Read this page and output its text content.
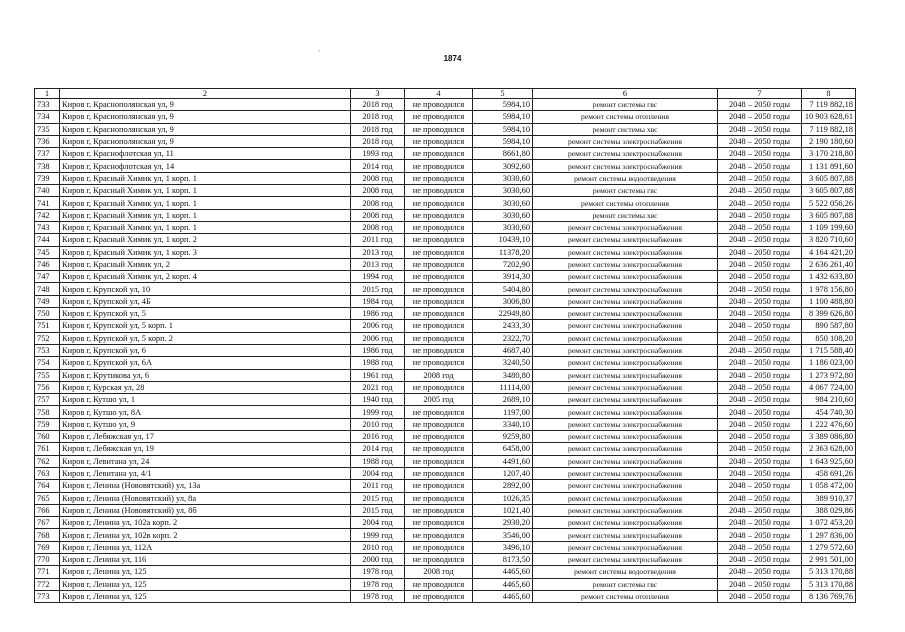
¸
1874
1	2	3	4	5	6	7	8
733	Киров г, Краснополянская ул, 9	2018 год	не проводился	5984,10	ремонт системы гвс	2048 – 2050 годы	7 119 882,18
734	Киров г, Краснополянская ул, 9	2018 год	не проводился	5984,10	ремонт системы отопления	2048 – 2050 годы	10 903 628,61
735	Киров г, Краснополянская ул, 9	2018 год	не проводился	5984,10	ремонт системы хвс	2048 – 2050 годы	7 119 882,18
736	Киров г, Краснополянская ул, 9	2018 год	не проводился	5984,10	ремонт системы электроснабжения	2048 – 2050 годы	2 190 180,60
737	Киров г, Краснофлотская ул, 11	1993 год	не проводился	8661,80	ремонт системы электроснабжения	2048 – 2050 годы	3 170 218,80
738	Киров г, Краснофлотская ул, 14	2014 год	не проводился	3092,60	ремонт системы электроснабжения	2048 – 2050 годы	1 131 891,60
739	Киров г, Красный Химик ул, 1 корп. 1	2008 год	не проводился	3030,60	ремонт системы водоотведения	2048 – 2050 годы	3 605 807,88
740	Киров г, Красный Химик ул, 1 корп. 1	2008 год	не проводился	3030,60	ремонт системы гвс	2048 – 2050 годы	3 605 807,88
741	Киров г, Красный Химик ул, 1 корп. 1	2008 год	не проводился	3030,60	ремонт системы отопления	2048 – 2050 годы	5 522 056,26
742	Киров г, Красный Химик ул, 1 корп. 1	2008 год	не проводился	3030,60	ремонт системы хвс	2048 – 2050 годы	3 605 807,88
743	Киров г, Красный Химик ул, 1 корп. 1	2008 год	не проводился	3030,60	ремонт системы электроснабжения	2048 – 2050 годы	1 109 199,60
744	Киров г, Красный Химик ул, 1 корп. 2	2011 год	не проводился	10439,10	ремонт системы электроснабжения	2048 – 2050 годы	3 820 710,60
745	Киров г, Красный Химик ул, 1 корп. 3	2013 год	не проводился	11378,20	ремонт системы электроснабжения	2048 – 2050 годы	4 164 421,20
746	Киров г, Красный Химик ул, 2	2013 год	не проводился	7202,90	ремонт системы электроснабжения	2048 – 2050 годы	2 636 261,40
747	Киров г, Красный Химик ул, 2 корп. 4	1994 год	не проводился	3914,30	ремонт системы электроснабжения	2048 – 2050 годы	1 432 633,80
748	Киров г, Крупской ул, 10	2015 год	не проводился	5404,80	ремонт системы электроснабжения	2048 – 2050 годы	1 978 156,80
749	Киров г, Крупской ул, 4Б	1984 год	не проводился	3006,80	ремонт системы электроснабжения	2048 – 2050 годы	1 100 488,80
750	Киров г, Крупской ул, 5	1986 год	не проводился	22949,80	ремонт системы электроснабжения	2048 – 2050 годы	8 399 626,80
751	Киров г, Крупской ул, 5 корп. 1	2006 год	не проводился	2433,30	ремонт системы электроснабжения	2048 – 2050 годы	890 587,80
752	Киров г, Крупской ул, 5 корп. 2	2006 год	не проводился	2322,70	ремонт системы электроснабжения	2048 – 2050 годы	850 108,20
753	Киров г, Крупской ул, 6	1986 год	не проводился	4687,40	ремонт системы электроснабжения	2048 – 2050 годы	1 715 588,40
754	Киров г, Крупской ул, 6А	1988 год	не проводился	3240,50	ремонт системы электроснабжения	2048 – 2050 годы	1 186 023,00
755	Киров г, Крутикова ул, 6	1961 год	2008 год	3480,80	ремонт системы электроснабжения	2048 – 2050 годы	1 273 972,80
756	Киров г, Курская ул, 28	2021 год	не проводился	11114,00	ремонт системы электроснабжения	2048 – 2050 годы	4 067 724,00
757	Киров г, Кутшо ул, 1	1940 год	2005 год	2689,10	ремонт системы электроснабжения	2048 – 2050 годы	984 210,60
758	Киров г, Кутшо ул, 8А	1999 год	не проводился	1197,00	ремонт системы электроснабжения	2048 – 2050 годы	454 740,30
759	Киров г, Кутшо ул, 9	2010 год	не проводился	3340,10	ремонт системы электроснабжения	2048 – 2050 годы	1 222 476,60
760	Киров г, Лебяжская ул, 17	2016 год	не проводился	9259,80	ремонт системы электроснабжения	2048 – 2050 годы	3 389 086,80
761	Киров г, Лебяжская ул, 19	2014 год	не проводился	6458,00	ремонт системы электроснабжения	2048 – 2050 годы	2 363 628,00
762	Киров г, Левитана ул, 24	1988 год	не проводился	4491,60	ремонт системы электроснабжения	2048 – 2050 годы	1 643 925,60
763	Киров г, Левитана ул, 4/1	2004 год	не проводился	1207,40	ремонт системы электроснабжения	2048 – 2050 годы	458 691,26
764	Киров г, Ленина (Нововятский) ул, 13а	2011 год	не проводился	2892,00	ремонт системы электроснабжения	2048 – 2050 годы	1 058 472,00
765	Киров г, Ленина (Нововятский) ул, 8а	2015 год	не проводился	1026,35	ремонт системы электроснабжения	2048 – 2050 годы	389 910,37
766	Киров г, Ленина (Нововятский) ул, 8б	2015 год	не проводился	1021,40	ремонт системы электроснабжения	2048 – 2050 годы	388 029,86
767	Киров г, Ленина ул, 102а корп. 2	2004 год	не проводился	2930,20	ремонт системы электроснабжения	2048 – 2050 годы	1 072 453,20
768	Киров г, Ленина ул, 102в корп. 2	1999 год	не проводился	3546,00	ремонт системы электроснабжения	2048 – 2050 годы	1 297 836,00
769	Киров г, Ленина ул, 112А	2010 год	не проводился	3496,10	ремонт системы электроснабжения	2048 – 2050 годы	1 279 572,60
770	Киров г, Ленина ул, 116	2000 год	не проводился	8173,50	ремонт системы электроснабжения	2048 – 2050 годы	2 991 501,00
771	Киров г, Ленина ул, 125	1978 год	2008 год	4465,60	ремонт системы водоотведения	2048 – 2050 годы	5 313 170,88
772	Киров г, Ленина ул, 125	1978 год	не проводился	4465,60	ремонт системы гвс	2048 – 2050 годы	5 313 170,88
773	Киров г, Ленина ул, 125	1978 год	не проводился	4465,60	ремонт системы отопления	2048 – 2050 годы	8 136 769,76
